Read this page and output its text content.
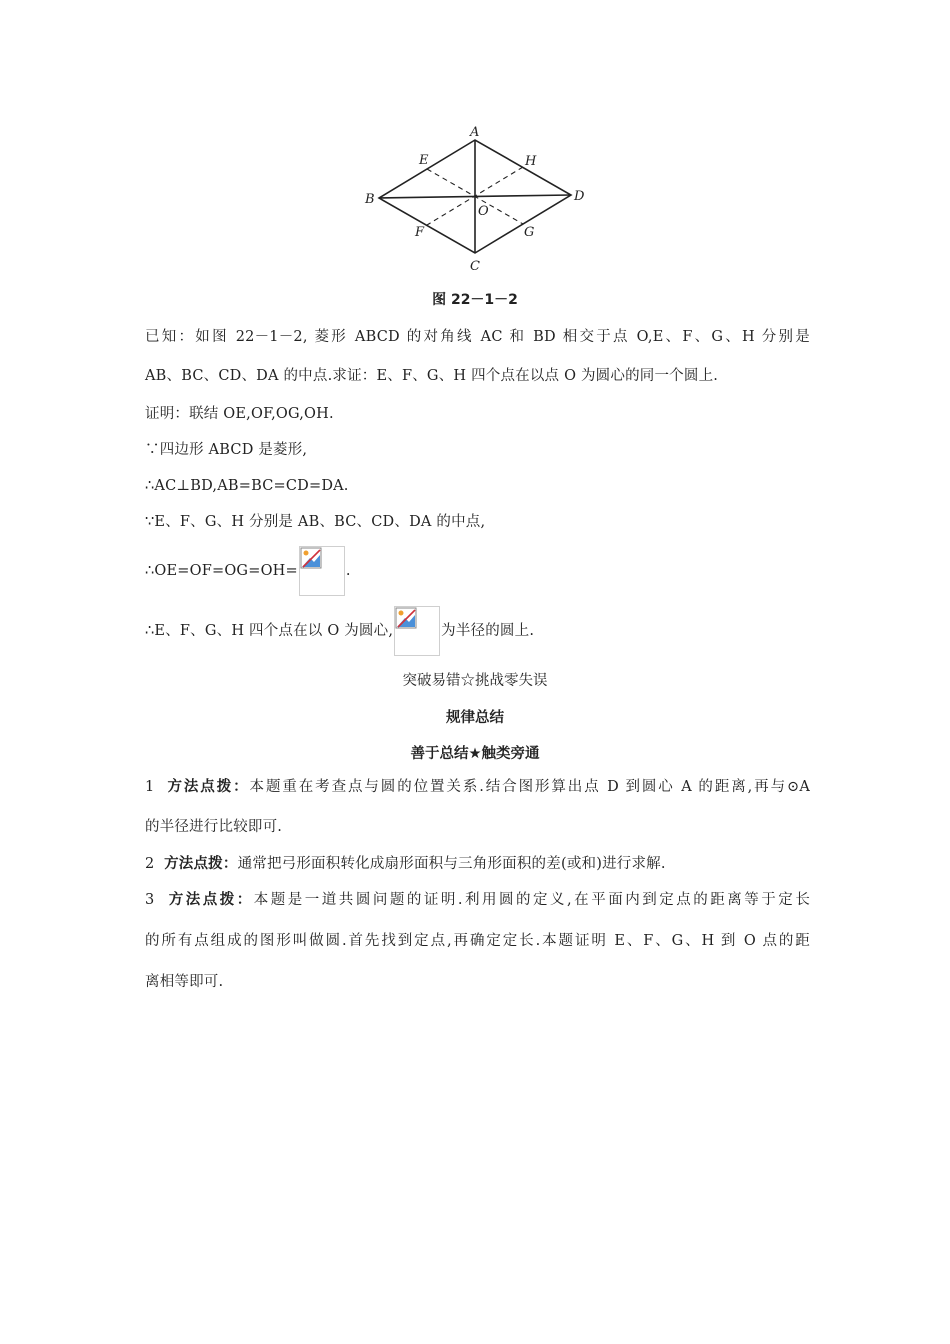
A
B
C
D
E
F	G
H
O
图 22－1－2
已知：如图 22－1－2, 菱形 ABCD 的对角线 AC 和 BD 相交于点 O,E、F、G、H 分别是
AB、BC、CD、DA 的中点.求证：E、F、G、H 四个点在以点 O 为圆心的同一个圆上.
证明：联结 OE,OF,OG,OH.
∵四边形 ABCD 是菱形,
∴AC⊥BD,AB=BC=CD=DA.
∵E、F、G、H 分别是 AB、BC、CD、DA 的中点,
∴OE=OF=OG=OH=	.
∴E、F、G、H 四个点在以 O 为圆心,	为半径的圆上.
突破易错☆挑战零失误
规律总结
善于总结★触类旁通
1 方法点拨：本题重在考查点与圆的位置关系.结合图形算出点 D 到圆心 A 的距离,再与⊙A
的半径进行比较即可.
2 方法点拨：通常把弓形面积转化成扇形面积与三角形面积的差(或和)进行求解.
3 方法点拨：本题是一道共圆问题的证明.利用圆的定义,在平面内到定点的距离等于定长
的所有点组成的图形叫做圆.首先找到定点,再确定定长.本题证明 E、F、G、H 到 O 点的距
离相等即可.
